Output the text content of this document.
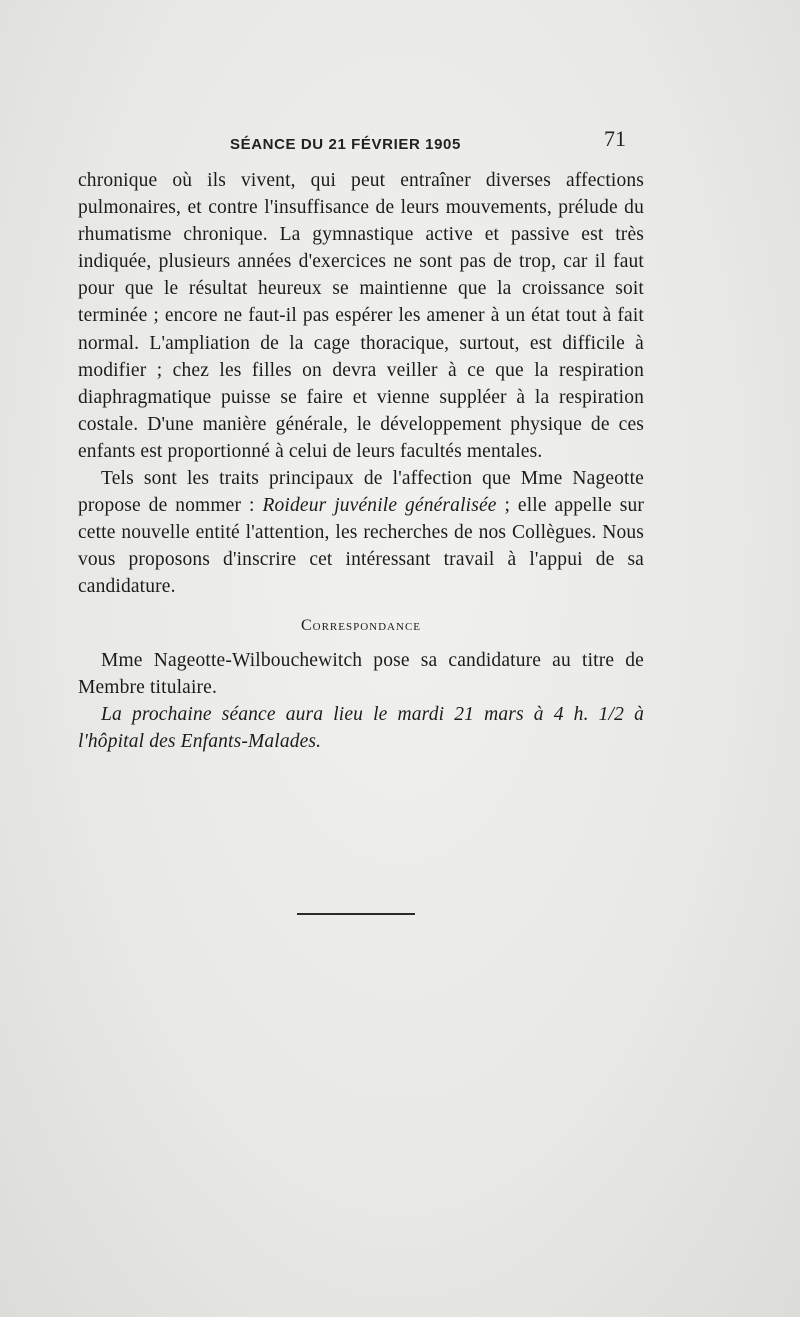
SÉANCE DU 21 FÉVRIER 1905	71

chronique où ils vivent, qui peut entraîner diverses affections pulmonaires, et contre l'insuffisance de leurs mouvements, prélude du rhumatisme chronique. La gymnastique active et passive est très indiquée, plusieurs années d'exercices ne sont pas de trop, car il faut pour que le résultat heureux se maintienne que la croissance soit terminée ; encore ne faut-il pas espérer les amener à un état tout à fait normal. L'ampliation de la cage thoracique, surtout, est difficile à modifier ; chez les filles on devra veiller à ce que la respiration diaphragmatique puisse se faire et vienne suppléer à la respiration costale. D'une manière générale, le développement physique de ces enfants est proportionné à celui de leurs facultés mentales.

Tels sont les traits principaux de l'affection que Mme Nageotte propose de nommer : Roideur juvénile généralisée ; elle appelle sur cette nouvelle entité l'attention, les recherches de nos Collègues. Nous vous proposons d'inscrire cet intéressant travail à l'appui de sa candidature.

Correspondance

Mme Nageotte-Wilbouchewitch pose sa candidature au titre de Membre titulaire.

La prochaine séance aura lieu le mardi 21 mars à 4 h. 1/2 à l'hôpital des Enfants-Malades.
